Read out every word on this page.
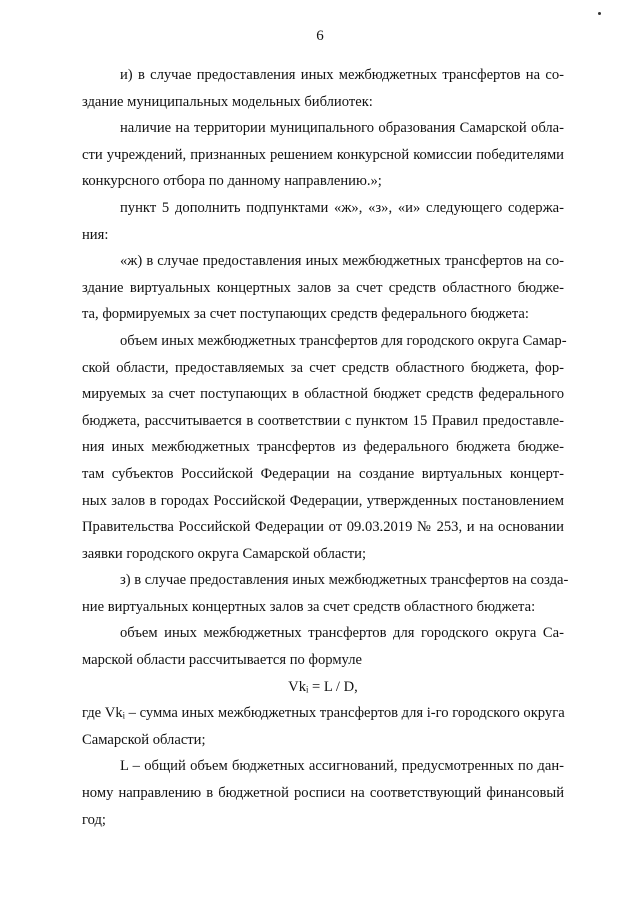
6
и) в случае предоставления иных межбюджетных трансфертов на со-
здание муниципальных модельных библиотек:
наличие на территории муниципального образования Самарской обла-
сти учреждений, признанных решением конкурсной комиссии победителями
конкурсного отбора по данному направлению.»;
пункт 5 дополнить подпунктами «ж», «з», «и» следующего содержа-
ния:
«ж) в случае предоставления иных межбюджетных трансфертов на со-
здание виртуальных концертных залов за счет средств областного бюдже-
та, формируемых за счет поступающих средств федерального бюджета:
объем иных межбюджетных трансфертов для городского округа Самар-
ской области, предоставляемых за счет средств областного бюджета, фор-
мируемых за счет поступающих в областной бюджет средств федерального
бюджета, рассчитывается в соответствии с пунктом 15 Правил предоставле-
ния иных межбюджетных трансфертов из федерального бюджета бюдже-
там субъектов Российской Федерации на создание виртуальных концерт-
ных залов в городах Российской Федерации, утвержденных постановлением
Правительства Российской Федерации от 09.03.2019 № 253, и на основании
заявки городского округа Самарской области;
з) в случае предоставления иных межбюджетных трансфертов на созда-
ние виртуальных концертных залов за счет средств областного бюджета:
объем иных межбюджетных трансфертов для городского округа Са-
марской области рассчитывается по формуле
Vkᵢ = L / D,
где Vkᵢ – сумма иных межбюджетных трансфертов для i-го городского округа
Самарской области;
L – общий объем бюджетных ассигнований, предусмотренных по дан-
ному направлению в бюджетной росписи на соответствующий финансовый
год;
